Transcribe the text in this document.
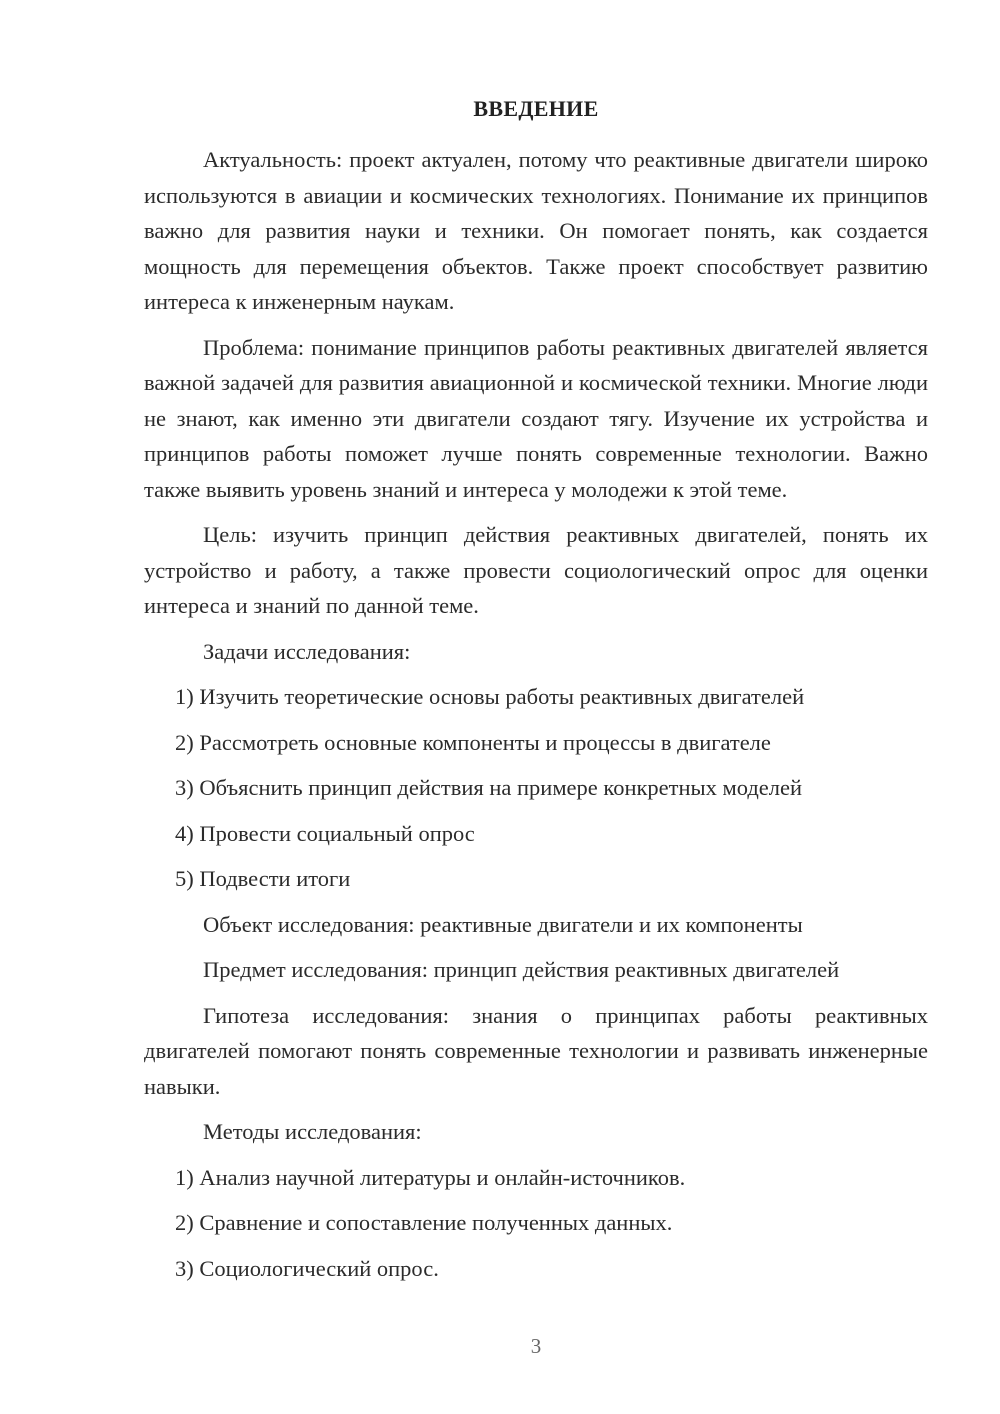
ВВЕДЕНИЕ

Актуальность: проект актуален, потому что реактивные двигатели широко используются в авиации и космических технологиях. Понимание их принципов важно для развития науки и техники. Он помогает понять, как создается мощность для перемещения объектов. Также проект способствует развитию интереса к инженерным наукам.

Проблема: понимание принципов работы реактивных двигателей является важной задачей для развития авиационной и космической техники. Многие люди не знают, как именно эти двигатели создают тягу. Изучение их устройства и принципов работы поможет лучше понять современные технологии. Важно также выявить уровень знаний и интереса у молодежи к этой теме.

Цель: изучить принцип действия реактивных двигателей, понять их устройство и работу, а также провести социологический опрос для оценки интереса и знаний по данной теме.

Задачи исследования:

1) Изучить теоретические основы работы реактивных двигателей

2) Рассмотреть основные компоненты и процессы в двигателе

3) Объяснить принцип действия на примере конкретных моделей

4) Провести социальный опрос

5) Подвести итоги

Объект исследования: реактивные двигатели и их компоненты

Предмет исследования: принцип действия реактивных двигателей

Гипотеза исследования: знания о принципах работы реактивных двигателей помогают понять современные технологии и развивать инженерные навыки.

Методы исследования:

1) Анализ научной литературы и онлайн-источников.

2) Сравнение и сопоставление полученных данных.

3) Социологический опрос.

3
